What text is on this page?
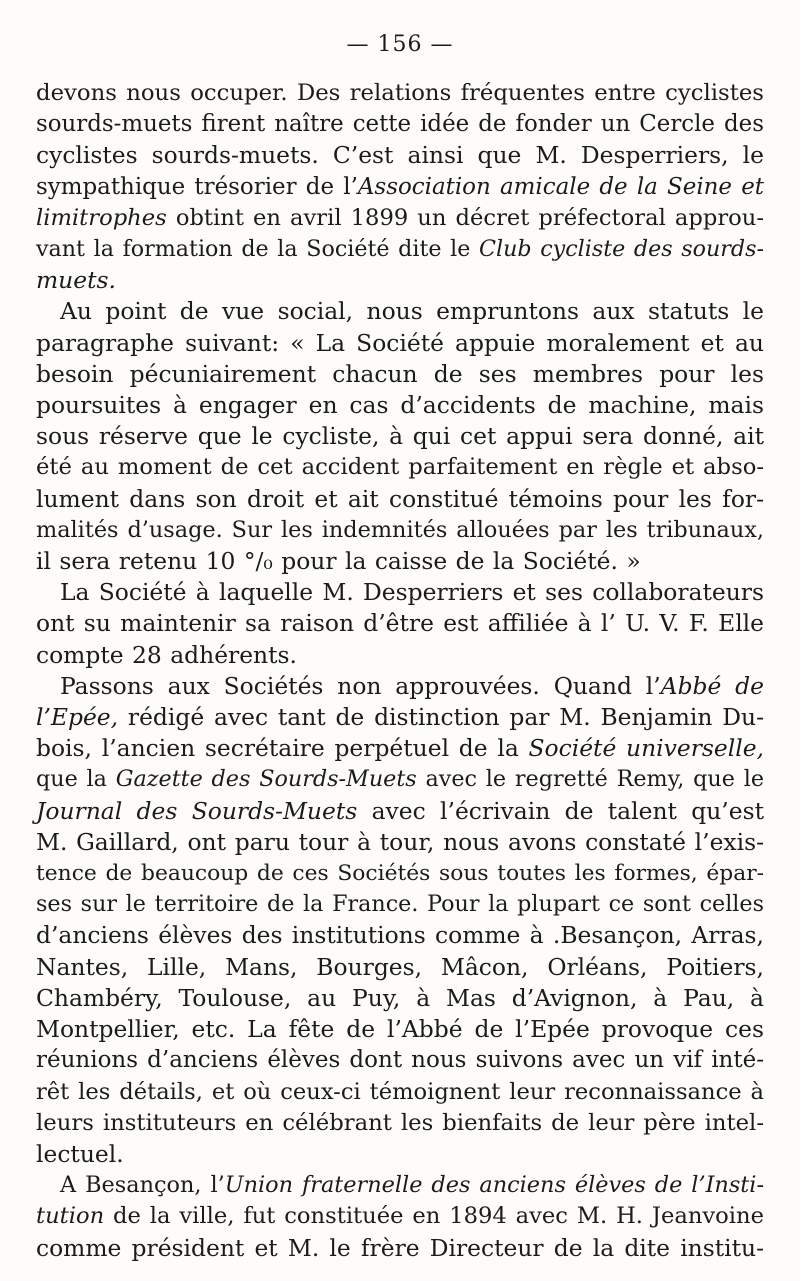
— 156 —
devons nous occuper. Des relations fréquentes entre cyclistes
sourds-muets firent naître cette idée de fonder un Cercle des
cyclistes sourds-muets. C’est ainsi que M. Desperriers, le
sympathique trésorier de l’Association amicale de la Seine et
limitrophes obtint en avril 1899 un décret préfectoral approu-
vant la formation de la Société dite le Club cycliste des sourds-
muets.
Au point de vue social, nous empruntons aux statuts le
paragraphe suivant: « La Société appuie moralement et au
besoin pécuniairement chacun de ses membres pour les
poursuites à engager en cas d’accidents de machine, mais
sous réserve que le cycliste, à qui cet appui sera donné, ait
été au moment de cet accident parfaitement en règle et abso-
lument dans son droit et ait constitué témoins pour les for-
malités d’usage. Sur les indemnités allouées par les tribunaux,
il sera retenu 10 °/₀ pour la caisse de la Société. »
La Société à laquelle M. Desperriers et ses collaborateurs
ont su maintenir sa raison d’être est affiliée à l’ U. V. F. Elle
compte 28 adhérents.
Passons aux Sociétés non approuvées. Quand l’Abbé de
l’Epée, rédigé avec tant de distinction par M. Benjamin Du-
bois, l’ancien secrétaire perpétuel de la Société universelle,
que la Gazette des Sourds-Muets avec le regretté Remy, que le
Journal des Sourds-Muets avec l’écrivain de talent qu’est
M. Gaillard, ont paru tour à tour, nous avons constaté l’exis-
tence de beaucoup de ces Sociétés sous toutes les formes, épar-
ses sur le territoire de la France. Pour la plupart ce sont celles
d’anciens élèves des institutions comme à .Besançon, Arras,
Nantes, Lille, Mans, Bourges, Mâcon, Orléans, Poitiers,
Chambéry, Toulouse, au Puy, à Mas d’Avignon, à Pau, à
Montpellier, etc. La fête de l’Abbé de l’Epée provoque ces
réunions d’anciens élèves dont nous suivons avec un vif inté-
rêt les détails, et où ceux-ci témoignent leur reconnaissance à
leurs instituteurs en célébrant les bienfaits de leur père intel-
lectuel.
A Besançon, l’Union fraternelle des anciens élèves de l’Insti-
tution de la ville, fut constituée en 1894 avec M. H. Jeanvoine
comme président et M. le frère Directeur de la dite institu-
